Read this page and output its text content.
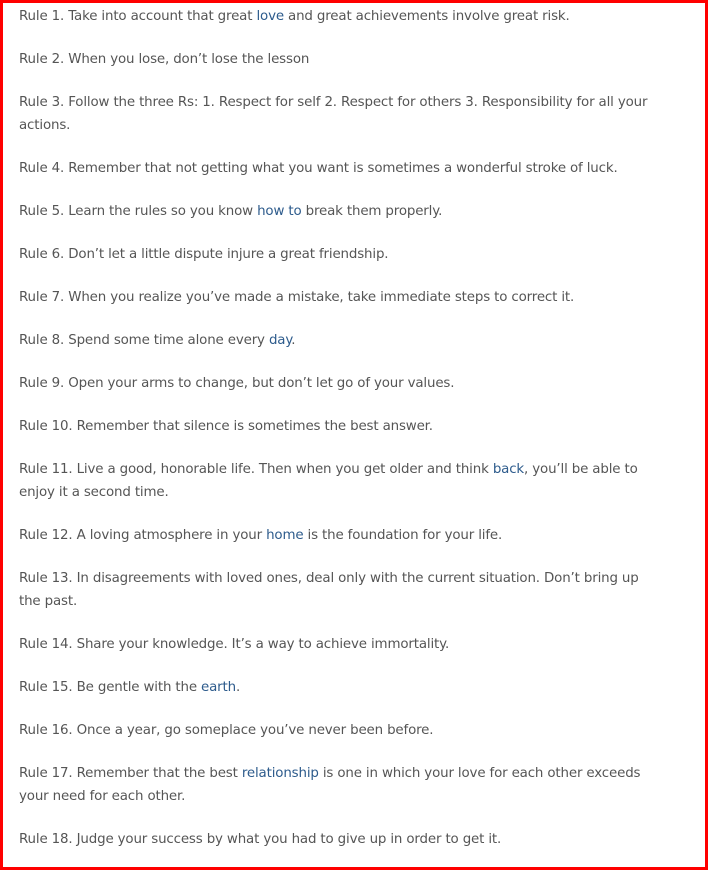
Rule 1. Take into account that great love and great achievements involve great risk.

Rule 2. When you lose, don’t lose the lesson

Rule 3. Follow the three Rs: 1. Respect for self 2. Respect for others 3. Responsibility for all your
actions.

Rule 4. Remember that not getting what you want is sometimes a wonderful stroke of luck.

Rule 5. Learn the rules so you know how to break them properly.

Rule 6. Don’t let a little dispute injure a great friendship.

Rule 7. When you realize you’ve made a mistake, take immediate steps to correct it.

Rule 8. Spend some time alone every day.

Rule 9. Open your arms to change, but don’t let go of your values.

Rule 10. Remember that silence is sometimes the best answer.

Rule 11. Live a good, honorable life. Then when you get older and think back, you’ll be able to
enjoy it a second time.

Rule 12. A loving atmosphere in your home is the foundation for your life.

Rule 13. In disagreements with loved ones, deal only with the current situation. Don’t bring up
the past.

Rule 14. Share your knowledge. It’s a way to achieve immortality.

Rule 15. Be gentle with the earth.

Rule 16. Once a year, go someplace you’ve never been before.

Rule 17. Remember that the best relationship is one in which your love for each other exceeds
your need for each other.

Rule 18. Judge your success by what you had to give up in order to get it.
